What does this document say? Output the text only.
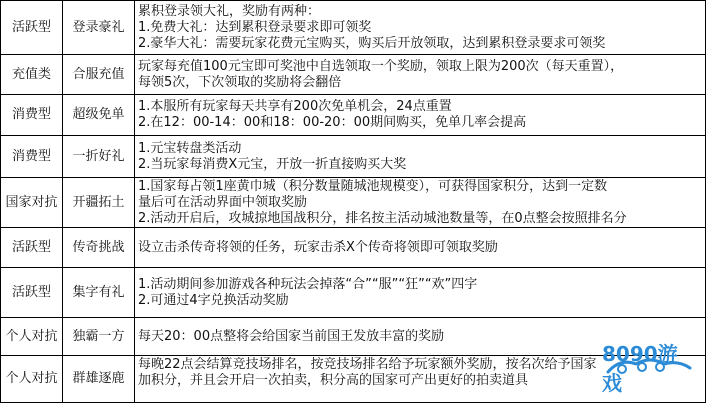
活跃型	登录豪礼	累积登录领大礼，奖励有两种：
1.免费大礼：达到累积登录要求即可领奖
2.豪华大礼：需要玩家花费元宝购买，购买后开放领取，达到累积登录要求可领奖

充值类	合服充值	玩家每充值100元宝即可奖池中自选领取一个奖励，领取上限为200次（每天重置），
每领5次，下次领取的奖励将会翻倍

消费型	超级免单	1.本服所有玩家每天共享有200次免单机会，24点重置
2.在12：00-14：00和18：00-20：00期间购买，免单几率会提高

消费型	一折好礼	1.元宝转盘类活动
2.当玩家每消费X元宝，开放一折直接购买大奖

国家对抗	开疆拓土	1.国家每占领1座黄巾城（积分数量随城池规模变），可获得国家积分，达到一定数
量后可在活动界面中领取奖励
2.活动开启后，攻城掠地国战积分，排名按主活动城池数量等，在0点整会按照排名分

活跃型	传奇挑战	设立击杀传奇将领的任务，玩家击杀X个传奇将领即可领取奖励

活跃型	集字有礼	1.活动期间参加游戏各种玩法会掉落“合”“服”“狂”“欢”四字
2.可通过4字兑换活动奖励

个人对抗	独霸一方	每天20：00点整将会给国家当前国王发放丰富的奖励

个人对抗	群雄逐鹿	每晚22点会结算竞技场排名，按竞技场排名给予玩家额外奖励，按名次给予国家
加积分，并且会开启一次拍卖，积分高的国家可产出更好的拍卖道具
8090游戏
